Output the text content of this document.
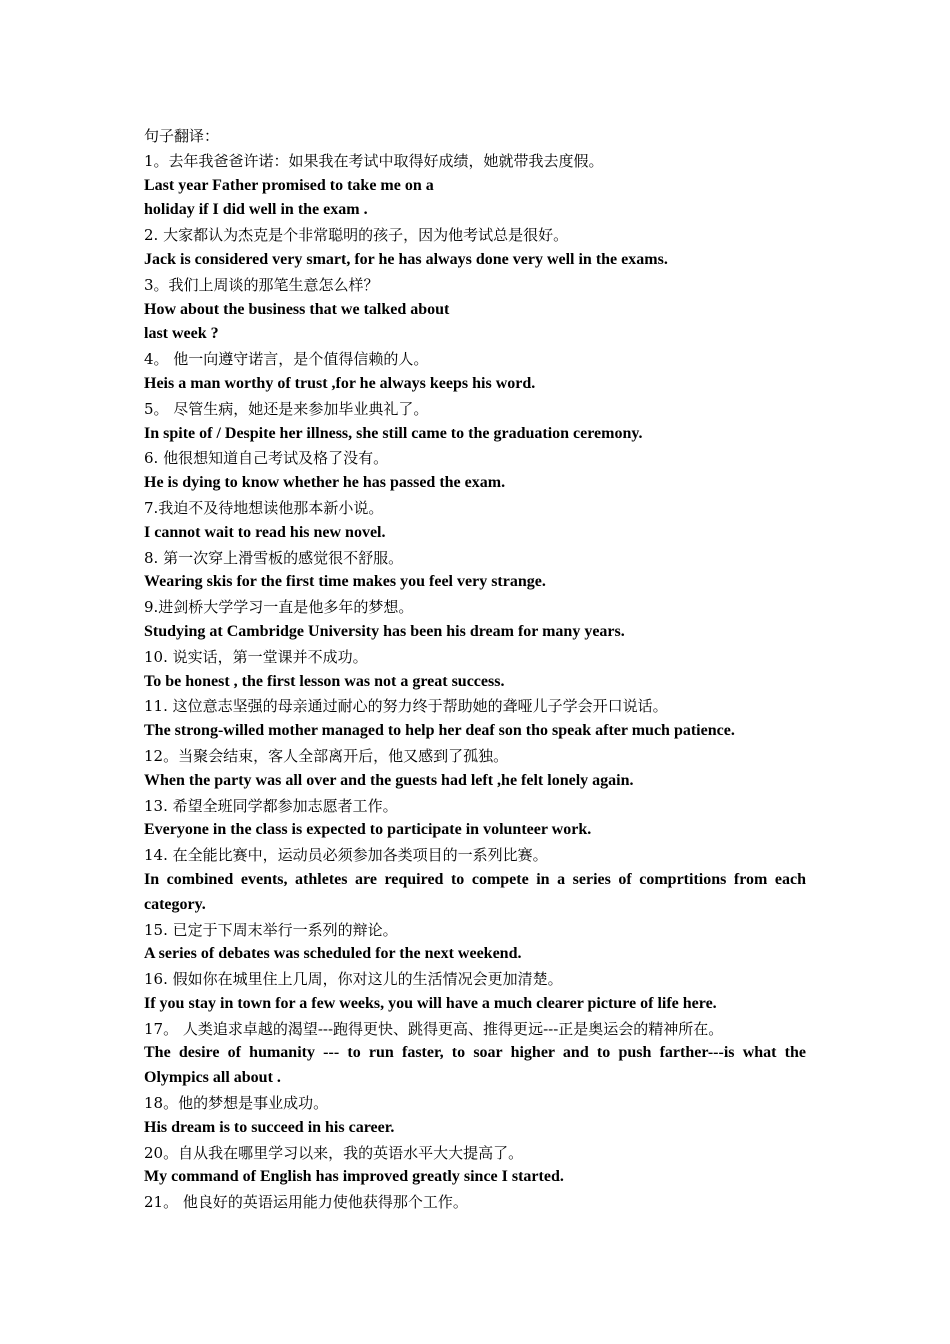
句子翻译：

1。去年我爸爸许诺：如果我在考试中取得好成绩，她就带我去度假。

Last year Father promised to take me on a

holiday if I did well in the exam .

2. 大家都认为杰克是个非常聪明的孩子，因为他考试总是很好。

Jack is considered very smart, for he has always done very well in the exams.

3。我们上周谈的那笔生意怎么样？

How about the business that we talked about

last week ?

4。 他一向遵守诺言，是个值得信赖的人。

Heis a man worthy of trust ,for he always keeps his word.

5。 尽管生病，她还是来参加毕业典礼了。

In spite of / Despite her illness, she still came to the graduation ceremony.

6. 他很想知道自己考试及格了没有。

He is dying to know whether he has passed the exam.

7.我迫不及待地想读他那本新小说。

I cannot wait to read his new novel.

8. 第一次穿上滑雪板的感觉很不舒服。

Wearing skis for the first time makes you feel very strange.

9.进剑桥大学学习一直是他多年的梦想。

Studying at Cambridge University has been his dream for many years.

10. 说实话，第一堂课并不成功。

To be honest , the first lesson was not a great success.

11. 这位意志坚强的母亲通过耐心的努力终于帮助她的聋哑儿子学会开口说话。

The strong-willed mother managed to help her deaf son tho speak after much patience.

12。当聚会结束，客人全部离开后，他又感到了孤独。

When the party was all over and the guests had left ,he felt lonely again.

13. 希望全班同学都参加志愿者工作。

Everyone in the class is expected to participate in volunteer work.

14. 在全能比赛中，运动员必须参加各类项目的一系列比赛。

In combined events, athletes are required to compete in a series of comprtitions from each category.

15. 已定于下周末举行一系列的辩论。

A series of debates was scheduled for the next weekend.

16. 假如你在城里住上几周，你对这儿的生活情况会更加清楚。

If you stay in town for a few weeks, you will have a much clearer picture of life here.

17。 人类追求卓越的渴望---跑得更快、跳得更高、推得更远---正是奥运会的精神所在。

The desire of humanity --- to run faster, to soar higher and to push farther---is what the Olympics all about .

18。他的梦想是事业成功。

His dream is to succeed in his career.

20。自从我在哪里学习以来，我的英语水平大大提高了。

My command of English has improved greatly since I started.

21。 他良好的英语运用能力使他获得那个工作。
